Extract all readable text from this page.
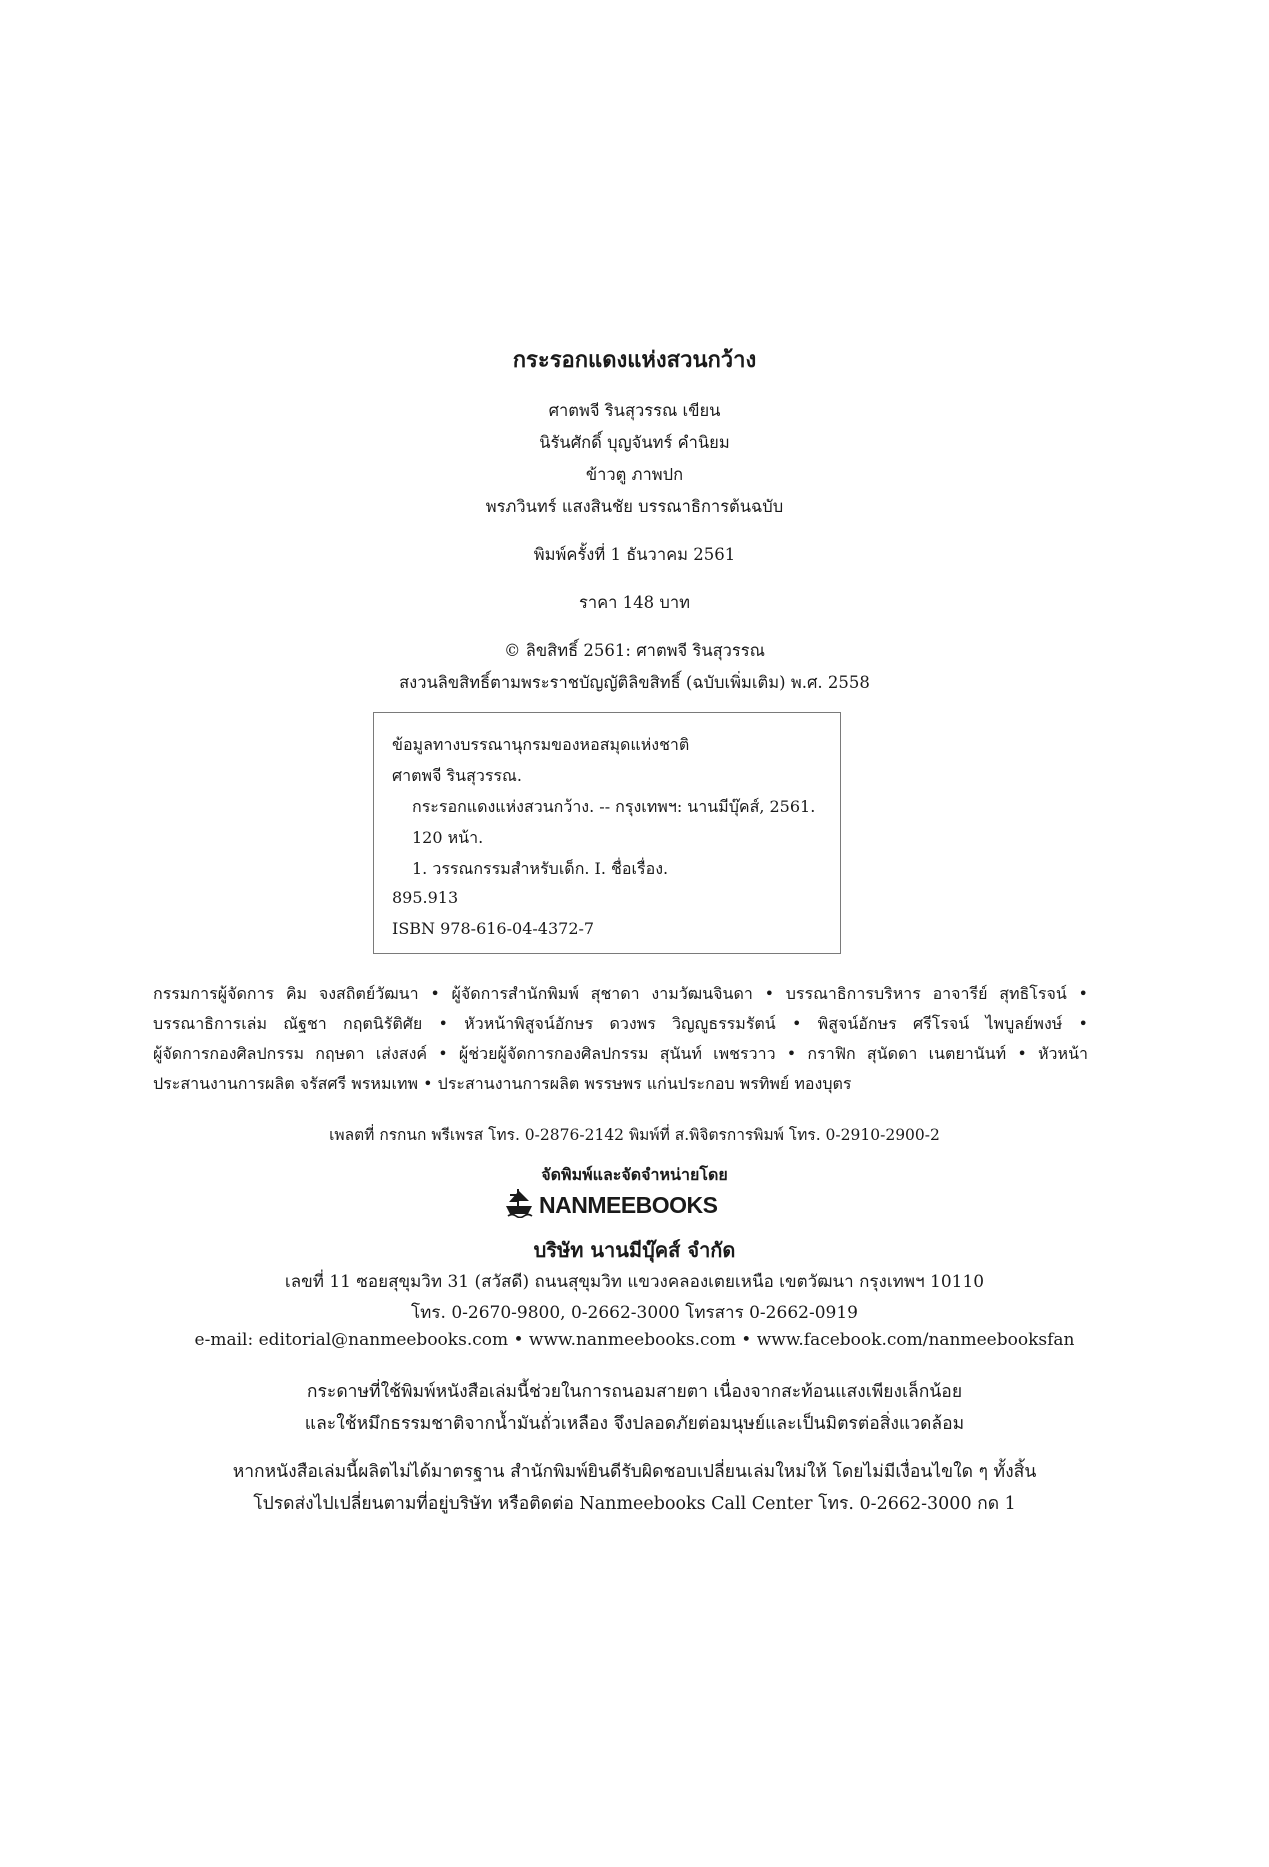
กระรอกแดงแห่งสวนกว้าง
ศาตพจี รินสุวรรณ เขียน
นิรันศักดิ์ บุญจันทร์ คำนิยม
ข้าวตู ภาพปก
พรภวินทร์ แสงสินชัย บรรณาธิการต้นฉบับ
พิมพ์ครั้งที่ 1 ธันวาคม 2561
ราคา 148 บาท
© ลิขสิทธิ์ 2561: ศาตพจี รินสุวรรณ
สงวนลิขสิทธิ์ตามพระราชบัญญัติลิขสิทธิ์ (ฉบับเพิ่มเติม) พ.ศ. 2558
ข้อมูลทางบรรณานุกรมของหอสมุดแห่งชาติ
ศาตพจี รินสุวรรณ.
กระรอกแดงแห่งสวนกว้าง. -- กรุงเทพฯ: นานมีบุ๊คส์, 2561.
120 หน้า.
1. วรรณกรรมสำหรับเด็ก. I. ชื่อเรื่อง.
895.913
ISBN 978-616-04-4372-7
กรรมการผู้จัดการ คิม จงสถิตย์วัฒนา • ผู้จัดการสำนักพิมพ์ สุชาดา งามวัฒนจินดา • บรรณาธิการบริหาร อาจารีย์ สุทธิโรจน์ •
บรรณาธิการเล่ม ณัฐชา กฤตนิรัติศัย • หัวหน้าพิสูจน์อักษร ดวงพร วิญญูธรรมรัตน์ • พิสูจน์อักษร ศรีโรจน์ ไพบูลย์พงษ์ •
ผู้จัดการกองศิลปกรรม กฤษดา เส่งสงค์ • ผู้ช่วยผู้จัดการกองศิลปกรรม สุนันท์ เพชรวาว • กราฟิก สุนัดดา เนตยานันท์ • หัวหน้า
ประสานงานการผลิต จรัสศรี พรหมเทพ • ประสานงานการผลิต พรรษพร แก่นประกอบ พรทิพย์ ทองบุตร
เพลตที่ กรกนก พรีเพรส โทร. 0-2876-2142 พิมพ์ที่ ส.พิจิตรการพิมพ์ โทร. 0-2910-2900-2
จัดพิมพ์และจัดจำหน่ายโดย
NANMEEBOOKS
บริษัท นานมีบุ๊คส์ จำกัด
เลขที่ 11 ซอยสุขุมวิท 31 (สวัสดี) ถนนสุขุมวิท แขวงคลองเตยเหนือ เขตวัฒนา กรุงเทพฯ 10110
โทร. 0-2670-9800, 0-2662-3000 โทรสาร 0-2662-0919
e-mail: editorial@nanmeebooks.com • www.nanmeebooks.com • www.facebook.com/nanmeebooksfan
กระดาษที่ใช้พิมพ์หนังสือเล่มนี้ช่วยในการถนอมสายตา เนื่องจากสะท้อนแสงเพียงเล็กน้อย
และใช้หมึกธรรมชาติจากน้ำมันถั่วเหลือง จึงปลอดภัยต่อมนุษย์และเป็นมิตรต่อสิ่งแวดล้อม
หากหนังสือเล่มนี้ผลิตไม่ได้มาตรฐาน สำนักพิมพ์ยินดีรับผิดชอบเปลี่ยนเล่มใหม่ให้ โดยไม่มีเงื่อนไขใด ๆ ทั้งสิ้น
โปรดส่งไปเปลี่ยนตามที่อยู่บริษัท หรือติดต่อ Nanmeebooks Call Center โทร. 0-2662-3000 กด 1
